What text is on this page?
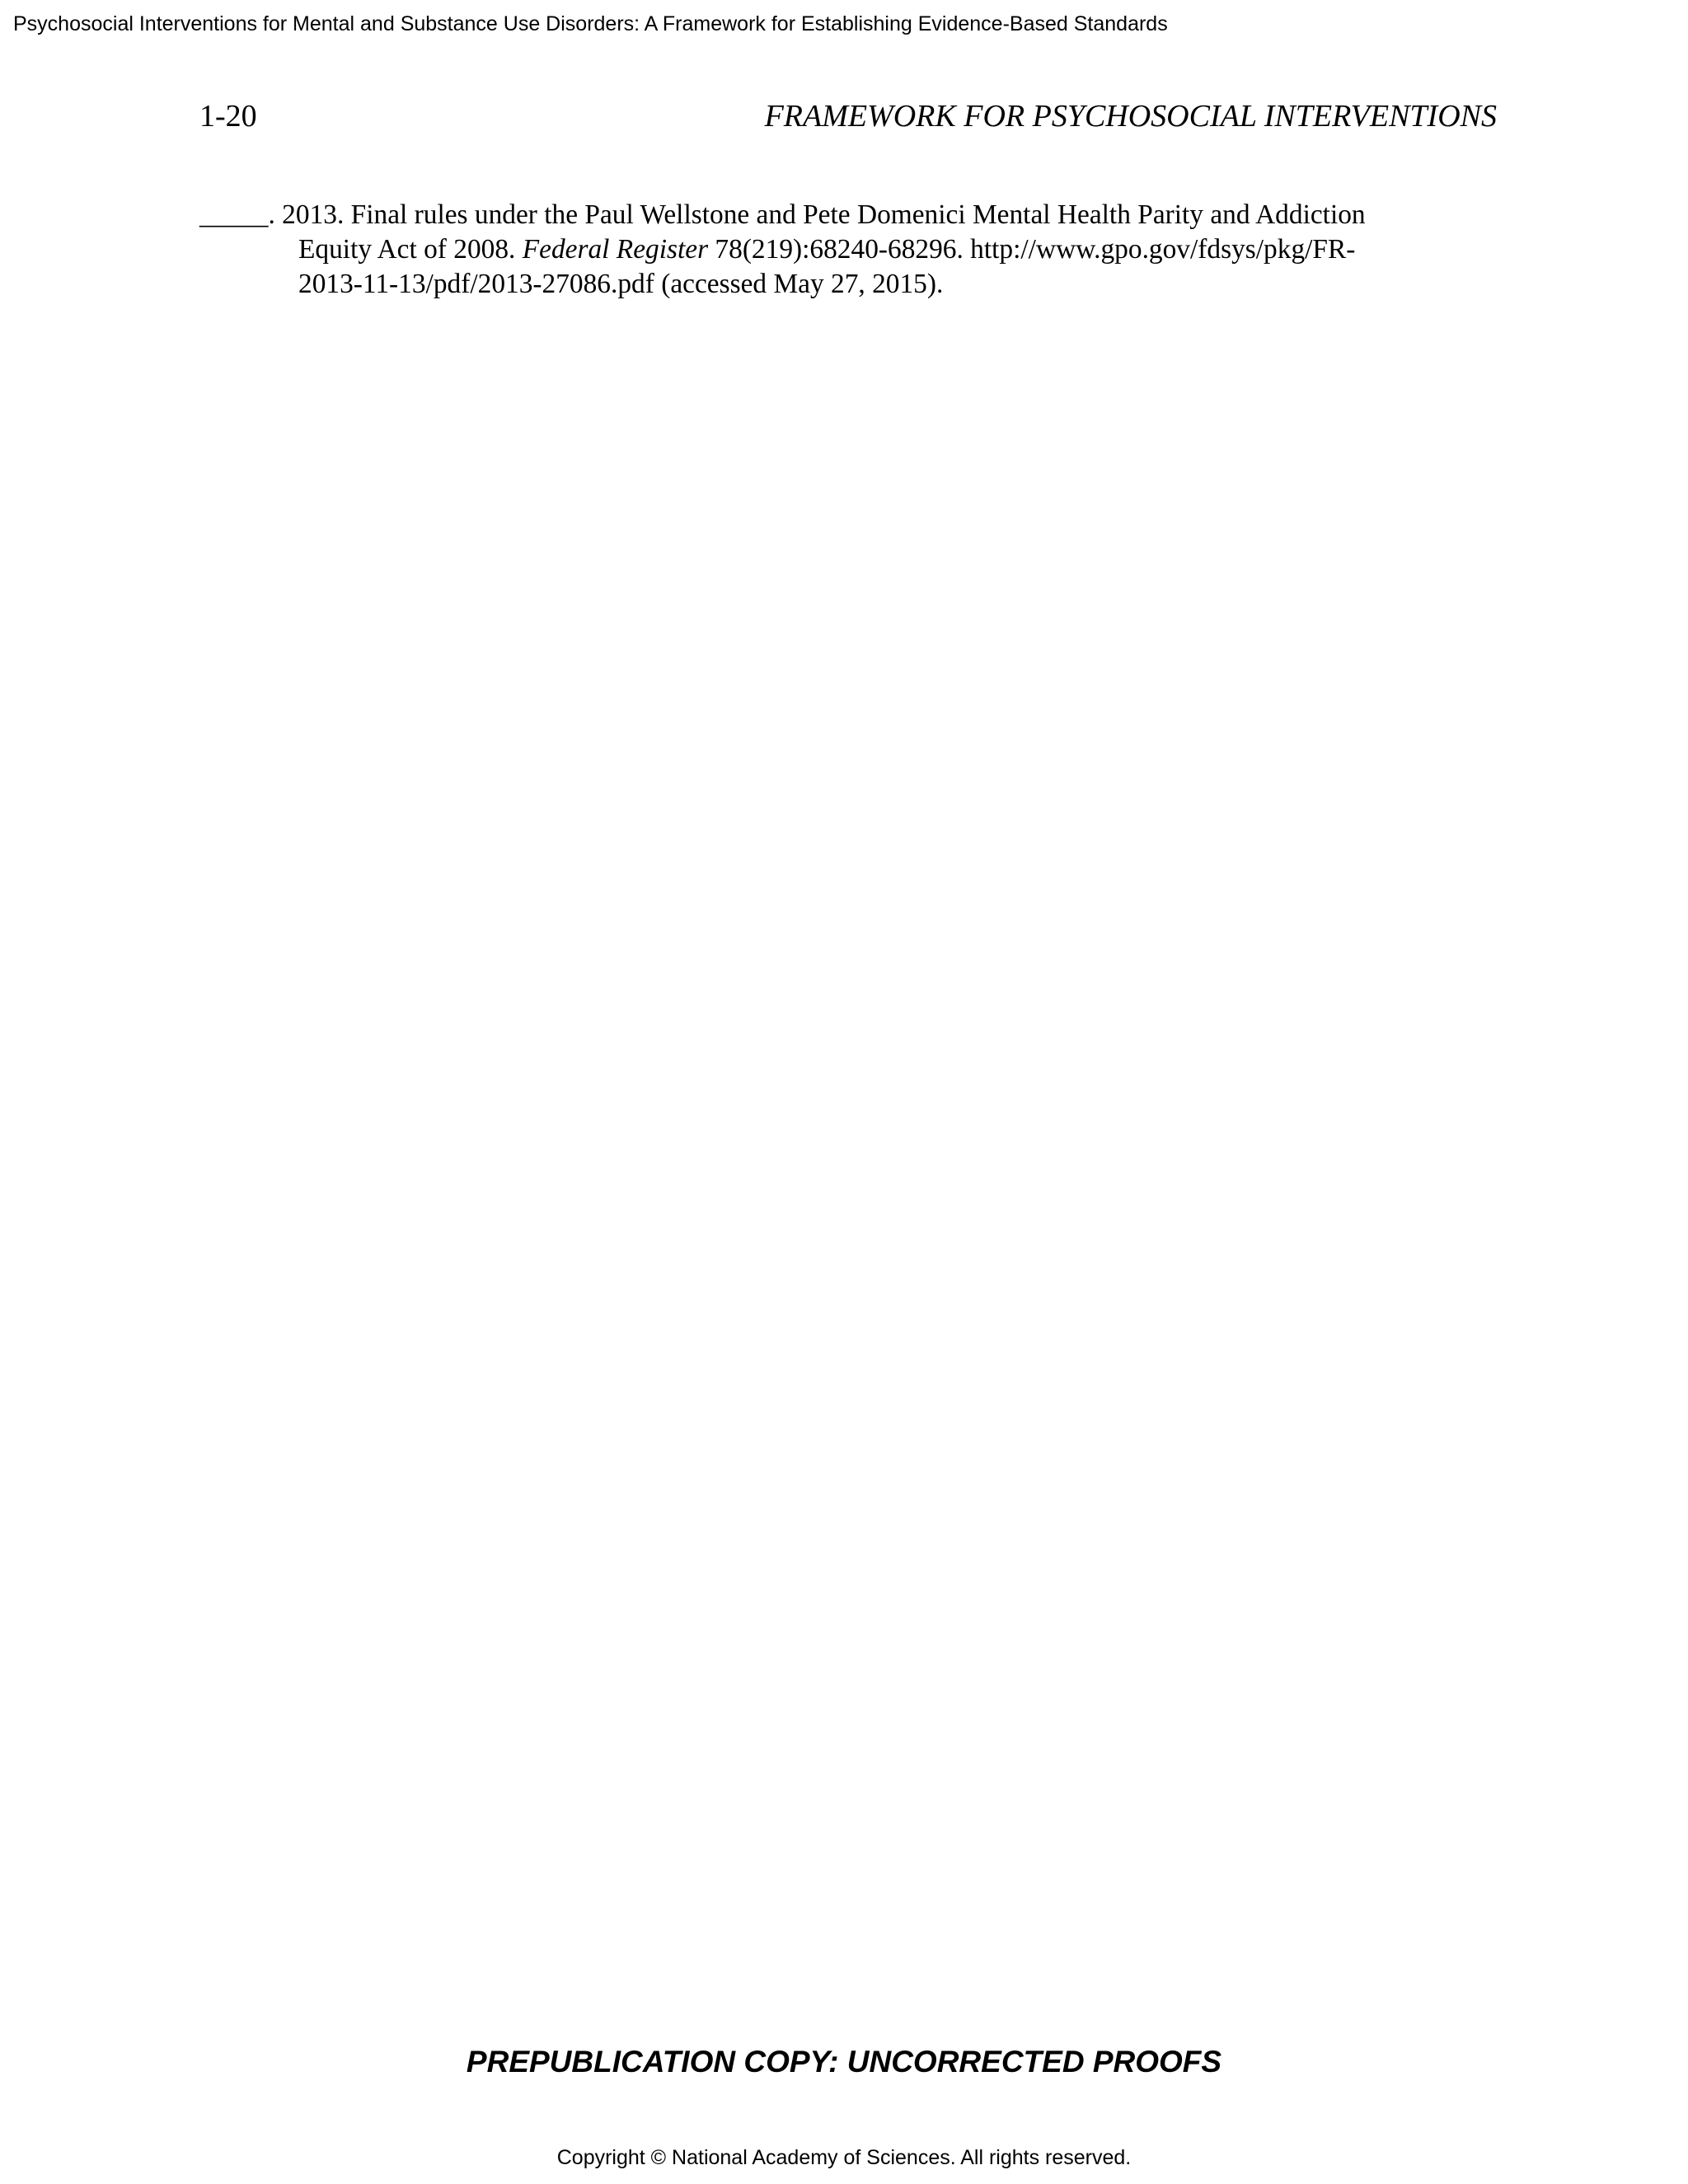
Psychosocial Interventions for Mental and Substance Use Disorders: A Framework for Establishing Evidence-Based Standards
1-20	FRAMEWORK FOR PSYCHOSOCIAL INTERVENTIONS
_____. 2013. Final rules under the Paul Wellstone and Pete Domenici Mental Health Parity and Addiction
Equity Act of 2008. Federal Register 78(219):68240-68296. http://www.gpo.gov/fdsys/pkg/FR-
2013-11-13/pdf/2013-27086.pdf (accessed May 27, 2015).
PREPUBLICATION COPY: UNCORRECTED PROOFS
Copyright © National Academy of Sciences. All rights reserved.
